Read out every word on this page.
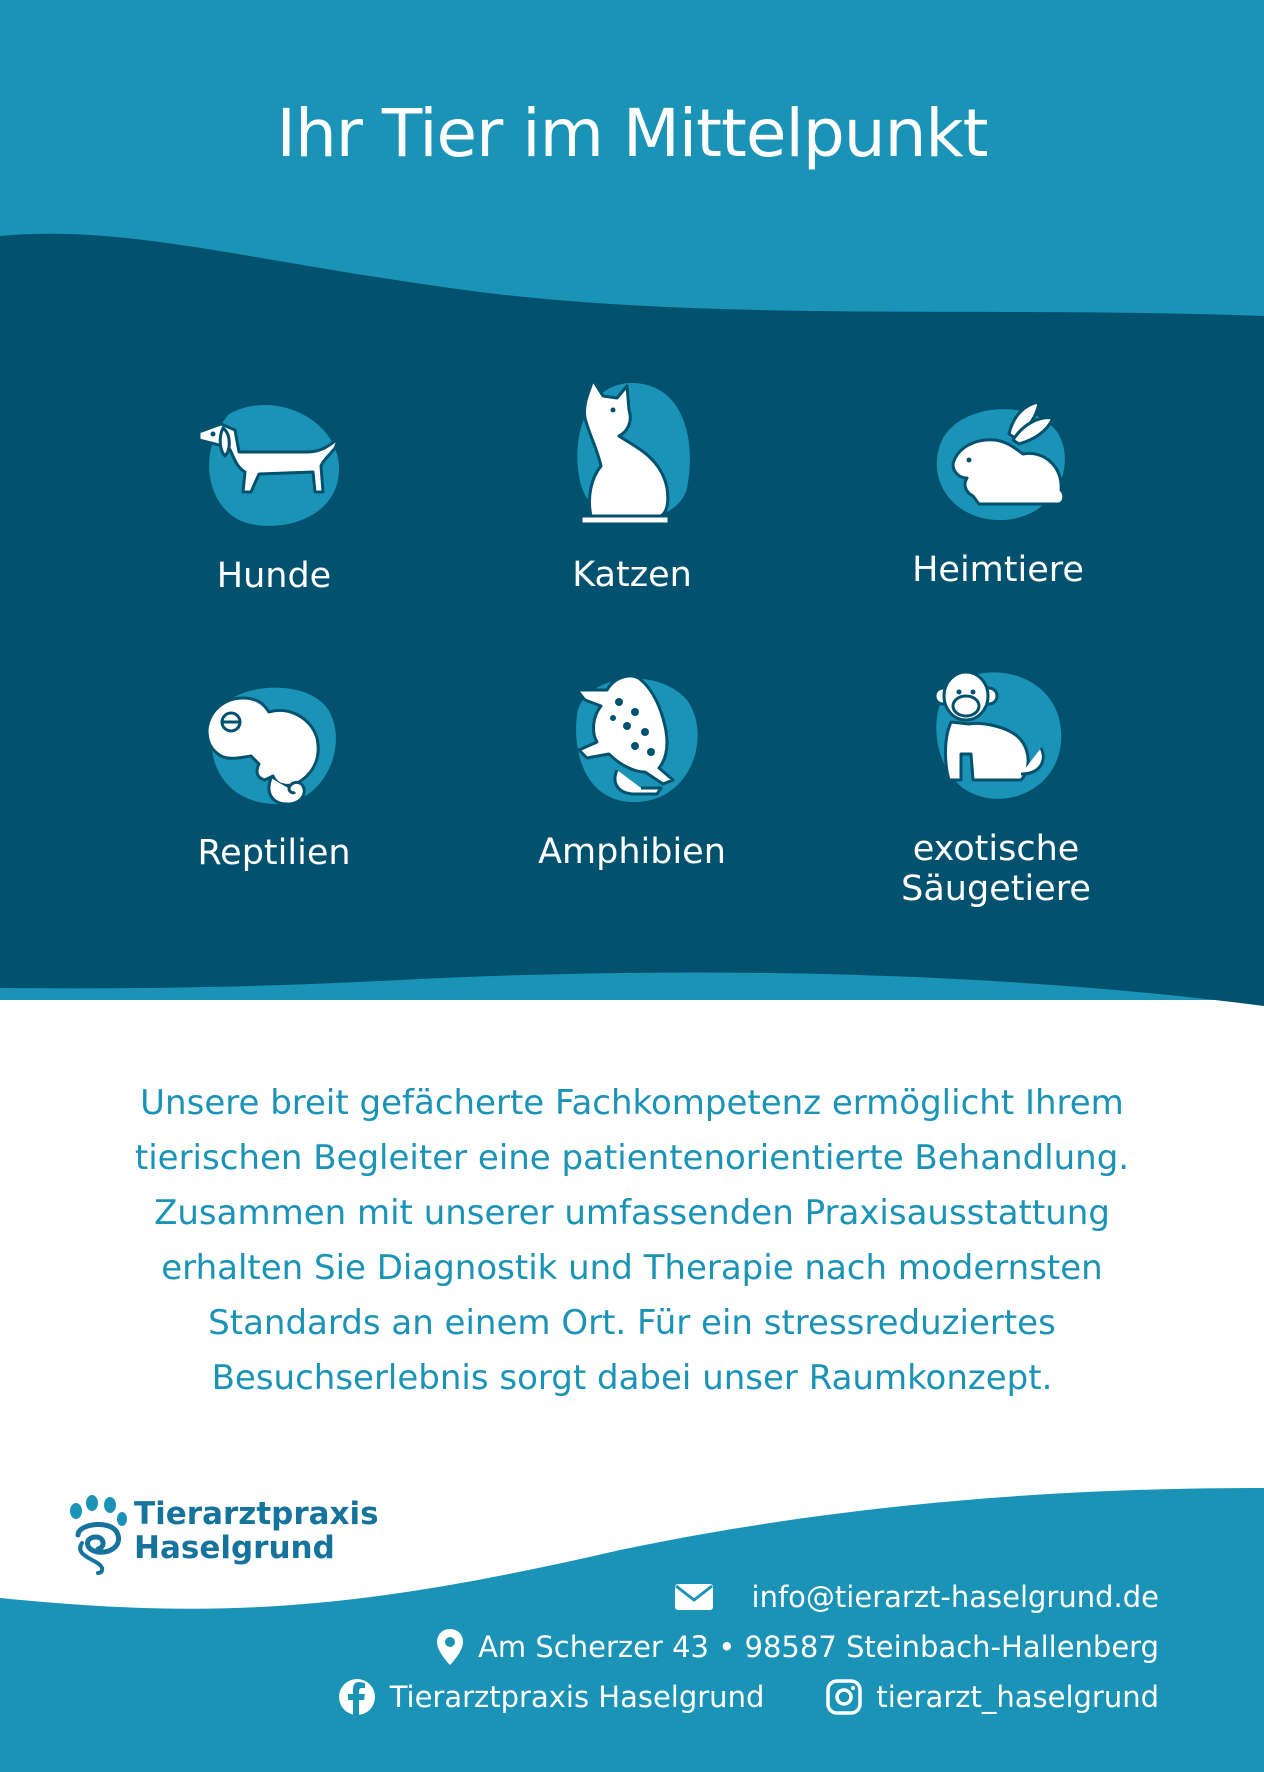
Ihr Tier im Mittelpunkt
Hunde	Katzen	Heimtiere
Reptilien	Amphibien	exotische
Säugetiere
Unsere breit gefächerte Fachkompetenz ermöglicht Ihrem
tierischen Begleiter eine patientenorientierte Behandlung.
Zusammen mit unserer umfassenden Praxisausstattung
erhalten Sie Diagnostik und Therapie nach modernsten
Standards an einem Ort. Für ein stressreduziertes
Besuchserlebnis sorgt dabei unser Raumkonzept.
Tierarztpraxis
Haselgrund
info@tierarzt-haselgrund.de
Am Scherzer 43 • 98587 Steinbach-Hallenberg
Tierarztpraxis Haselgrund	tierarzt_haselgrund
